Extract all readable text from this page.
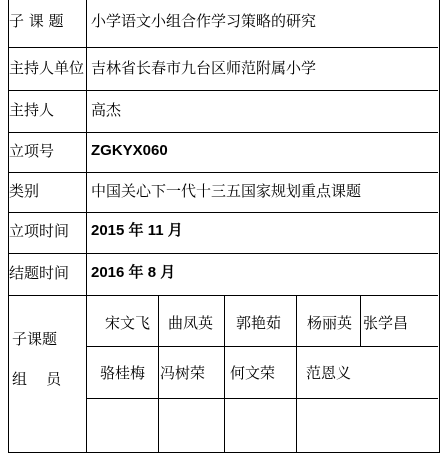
子 课 题 小学语文小组合作学习策略的研究
主持人单位 吉林省长春市九台区师范附属小学
主持人 高杰
立项号 ZGKYX060
类别	中国关心下一代十三五国家规划重点课题
立项时间 2015 年 11 月
结题时间 2016 年 8 月
子课题
组    员
宋文飞 曲凤英 郭艳茹 杨丽英 张学昌
骆桂梅 冯树荣 何文荣 范恩义
